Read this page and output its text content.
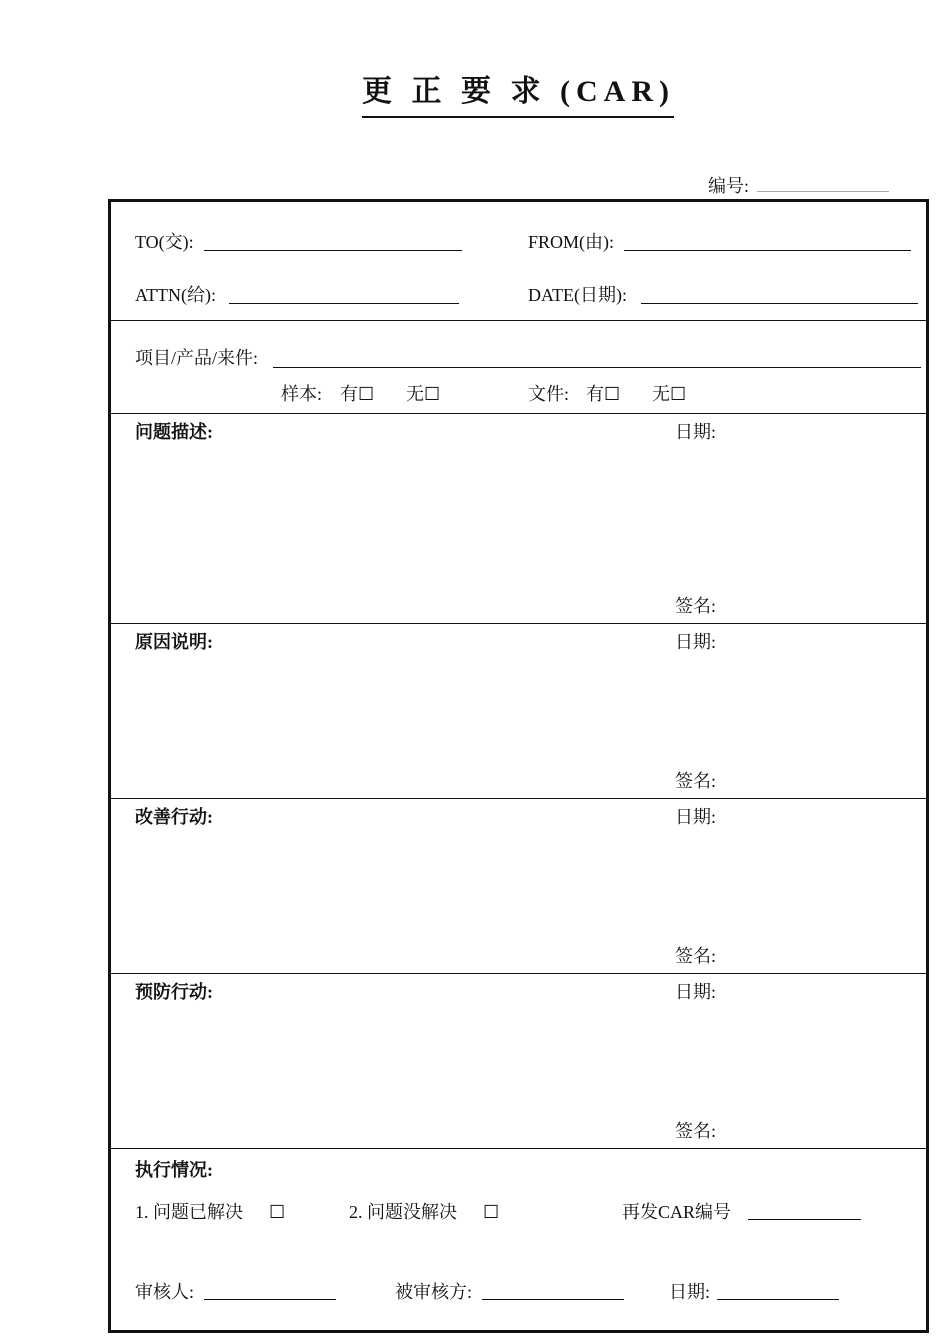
更 正 要 求 (CAR)
编号:
TO(交):	FROM(由):
ATTN(给):	DATE(日期):
项目/产品/来件:
样本: 有☐ 无☐	文件: 有☐ 无☐
问题描述:	日期:
签名:
原因说明:	日期:
签名:
改善行动:	日期:
签名:
预防行动:	日期:
签名:
执行情况:
1. 问题已解决 ☐	2. 问题没解决 ☐	再发CAR编号
审核人:	被审核方:	日期:
